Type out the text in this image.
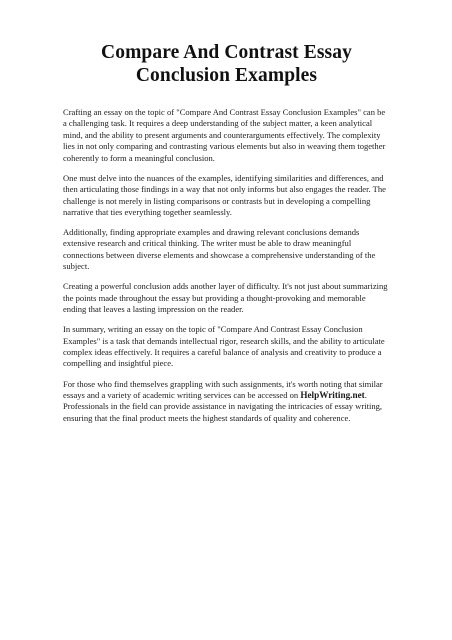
Compare And Contrast Essay Conclusion Examples

Crafting an essay on the topic of "Compare And Contrast Essay Conclusion Examples" can be a challenging task. It requires a deep understanding of the subject matter, a keen analytical mind, and the ability to present arguments and counterarguments effectively. The complexity lies in not only comparing and contrasting various elements but also in weaving them together coherently to form a meaningful conclusion.

One must delve into the nuances of the examples, identifying similarities and differences, and then articulating those findings in a way that not only informs but also engages the reader. The challenge is not merely in listing comparisons or contrasts but in developing a compelling narrative that ties everything together seamlessly.

Additionally, finding appropriate examples and drawing relevant conclusions demands extensive research and critical thinking. The writer must be able to draw meaningful connections between diverse elements and showcase a comprehensive understanding of the subject.

Creating a powerful conclusion adds another layer of difficulty. It's not just about summarizing the points made throughout the essay but providing a thought-provoking and memorable ending that leaves a lasting impression on the reader.

In summary, writing an essay on the topic of "Compare And Contrast Essay Conclusion Examples" is a task that demands intellectual rigor, research skills, and the ability to articulate complex ideas effectively. It requires a careful balance of analysis and creativity to produce a compelling and insightful piece.

For those who find themselves grappling with such assignments, it's worth noting that similar essays and a variety of academic writing services can be accessed on HelpWriting.net. Professionals in the field can provide assistance in navigating the intricacies of essay writing, ensuring that the final product meets the highest standards of quality and coherence.
